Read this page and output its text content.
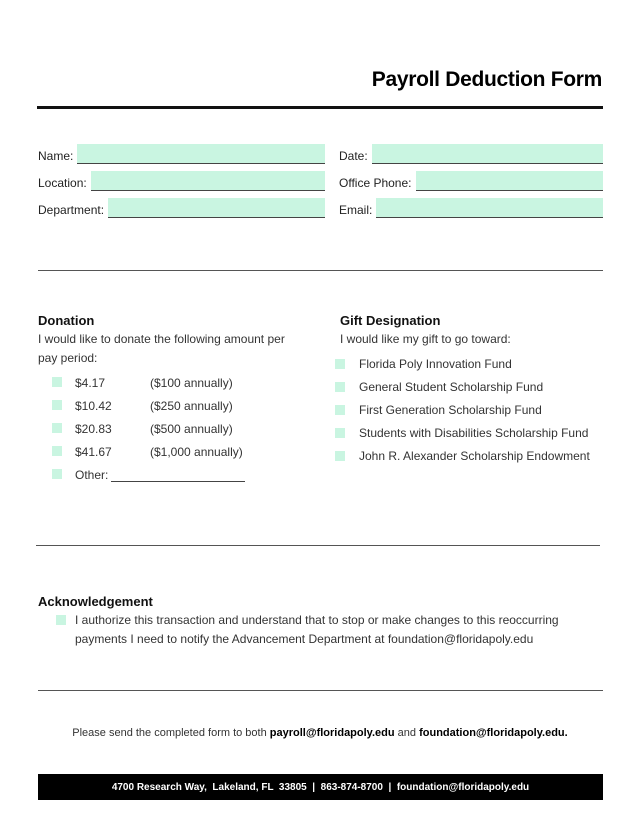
Payroll Deduction Form
Name:
Location:
Department:
Date:
Office Phone:
Email:
Donation
I would like to donate the following amount per
pay period:
$4.17	($100 annually)
$10.42	($250 annually)
$20.83	($500 annually)
$41.67	($1,000 annually)
Other:
Gift Designation
I would like my gift to go toward:
Florida Poly Innovation Fund
General Student Scholarship Fund
First Generation Scholarship Fund
Students with Disabilities Scholarship Fund
John R. Alexander Scholarship Endowment
Acknowledgement
I authorize this transaction and understand that to stop or make changes to this reoccurring
payments I need to notify the Advancement Department at foundation@floridapoly.edu
Please send the completed form to both payroll@floridapoly.edu and foundation@floridapoly.edu.
4700 Research Way,  Lakeland, FL  33805  |  863-874-8700  |  foundation@floridapoly.edu
